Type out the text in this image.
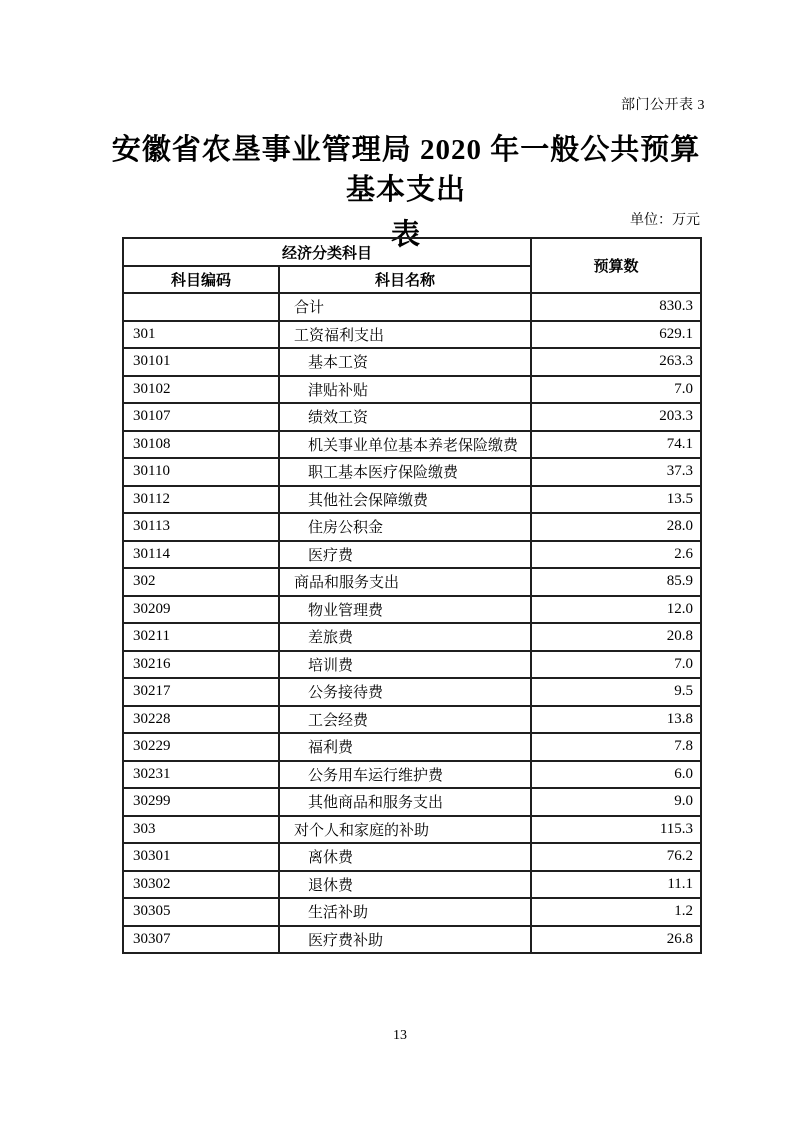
部门公开表 3
安徽省农垦事业管理局 2020 年一般公共预算基本支出
表	单位：万元
经济分类科目		预算数
科目编码	科目名称	
	合计	830.3
301	工资福利支出	629.1
30101	基本工资	263.3
30102	津贴补贴	7.0
30107	绩效工资	203.3
30108	机关事业单位基本养老保险缴费	74.1
30110	职工基本医疗保险缴费	37.3
30112	其他社会保障缴费	13.5
30113	住房公积金	28.0
30114	医疗费	2.6
302	商品和服务支出	85.9
30209	物业管理费	12.0
30211	差旅费	20.8
30216	培训费	7.0
30217	公务接待费	9.5
30228	工会经费	13.8
30229	福利费	7.8
30231	公务用车运行维护费	6.0
30299	其他商品和服务支出	9.0
303	对个人和家庭的补助	115.3
30301	离休费	76.2
30302	退休费	11.1
30305	生活补助	1.2
30307	医疗费补助	26.8
13
